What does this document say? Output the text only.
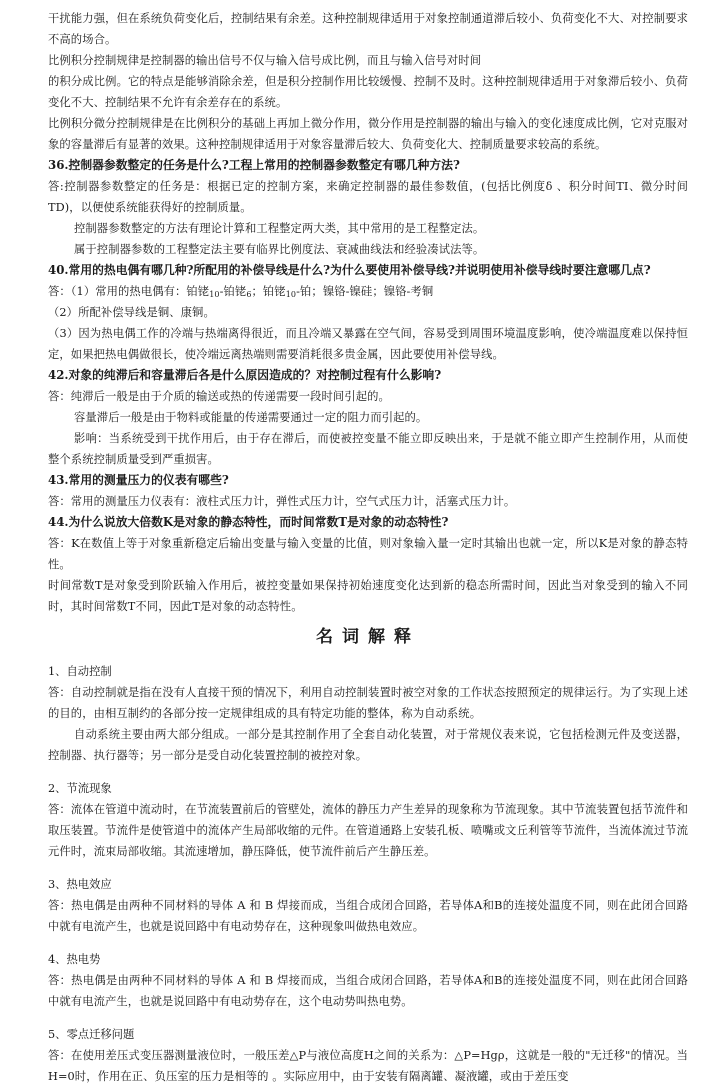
干扰能力强，但在系统负荷变化后，控制结果有余差。这种控制规律适用于对象控制通道滞后较小、负荷变化不大、对控制要求不高的场合。

比例积分控制规律是控制器的输出信号不仅与输入信号成比例，而且与输入信号对时间

的积分成比例。它的特点是能够消除余差，但是积分控制作用比较缓慢、控制不及时。这种控制规律适用于对象滞后较小、负荷变化不大、控制结果不允许有余差存在的系统。

比例积分微分控制规律是在比例积分的基础上再加上微分作用，微分作用是控制器的输出与输入的变化速度成比例，它对克服对象的容量滞后有显著的效果。这种控制规律适用于对象容量滞后较大、负荷变化大、控制质量要求较高的系统。

36.控制器参数整定的任务是什么?工程上常用的控制器参数整定有哪几种方法?

答:控制器参数整定的任务是：根据已定的控制方案，来确定控制器的最佳参数值，(包括比例度δ 、积分时间TI、微分时间TD)，以便使系统能获得好的控制质量。

控制器参数整定的方法有理论计算和工程整定两大类，其中常用的是工程整定法。

属于控制器参数的工程整定法主要有临界比例度法、衰减曲线法和经验凑试法等。

40.常用的热电偶有哪几种?所配用的补偿导线是什么?为什么要使用补偿导线?并说明使用补偿导线时要注意哪几点?

答：（1）常用的热电偶有：铂铑$_{10}$-铂铑$_6$；铂铑$_{10}$-铂；镍铬-镍硅；镍铬-考铜

（2）所配补偿导线是铜、康铜。

（3）因为热电偶工作的冷端与热端离得很近，而且冷端又暴露在空气间，容易受到周围环境温度影响，使冷端温度难以保持恒定，如果把热电偶做很长，使冷端远离热端则需要消耗很多贵金属，因此要使用补偿导线。

42.对象的纯滞后和容量滞后各是什么原因造成的？对控制过程有什么影响?

答：纯滞后一般是由于介质的输送或热的传递需要一段时间引起的。

容量滞后一般是由于物料或能量的传递需要通过一定的阻力而引起的。

影响：当系统受到干扰作用后，由于存在滞后，而使被控变量不能立即反映出来，于是就不能立即产生控制作用，从而使整个系统控制质量受到严重损害。

43.常用的测量压力的仪表有哪些?

答：常用的测量压力仪表有：液柱式压力计，弹性式压力计，空气式压力计，活塞式压力计。

44.为什么说放大倍数K是对象的静态特性，而时间常数T是对象的动态特性?

答：K在数值上等于对象重新稳定后输出变量与输入变量的比值，则对象输入量一定时其输出也就一定，所以K是对象的静态特性。

时间常数T是对象受到阶跃输入作用后，被控变量如果保持初始速度变化达到新的稳态所需时间，因此当对象受到的输入不同时，其时间常数T不同，因此T是对象的动态特性。

名词解释

1、自动控制

答：自动控制就是指在没有人直接干预的情况下，利用自动控制装置时被空对象的工作状态按照预定的规律运行。为了实现上述的目的，由相互制约的各部分按一定规律组成的具有特定功能的整体，称为自动系统。

自动系统主要由两大部分组成。一部分是其控制作用了全套自动化装置，对于常规仪表来说，它包括检测元件及变送器，控制器、执行器等；另一部分是受自动化装置控制的被控对象。

2、节流现象

答：流体在管道中流动时，在节流装置前后的管壁处，流体的静压力产生差异的现象称为节流现象。其中节流装置包括节流件和取压装置。节流件是使管道中的流体产生局部收缩的元件。在管道通路上安装孔板、喷嘴或文丘利管等节流件，当流体流过节流元件时，流束局部收缩。其流速增加，静压降低，使节流件前后产生静压差。

3、热电效应

答：热电偶是由两种不同材料的导体 A 和 B 焊接而成，当组合成闭合回路，若导体A和B的连接处温度不同，则在此闭合回路中就有电流产生，也就是说回路中有电动势存在，这种现象叫做热电效应。

4、热电势

答：热电偶是由两种不同材料的导体 A 和 B 焊接而成，当组合成闭合回路，若导体A和B的连接处温度不同，则在此闭合回路中就有电流产生，也就是说回路中有电动势存在，这个电动势叫热电势。

5、零点迁移问题

答：在使用差压式变压器测量液位时，一般压差△P与液位高度H之间的关系为：△P=Hgρ，这就是一般的"无迁移"的情况。当H=0时，作用在正、负压室的压力是相等的 。实际应用中，由于安装有隔离罐、凝液罐，或由于差压变
